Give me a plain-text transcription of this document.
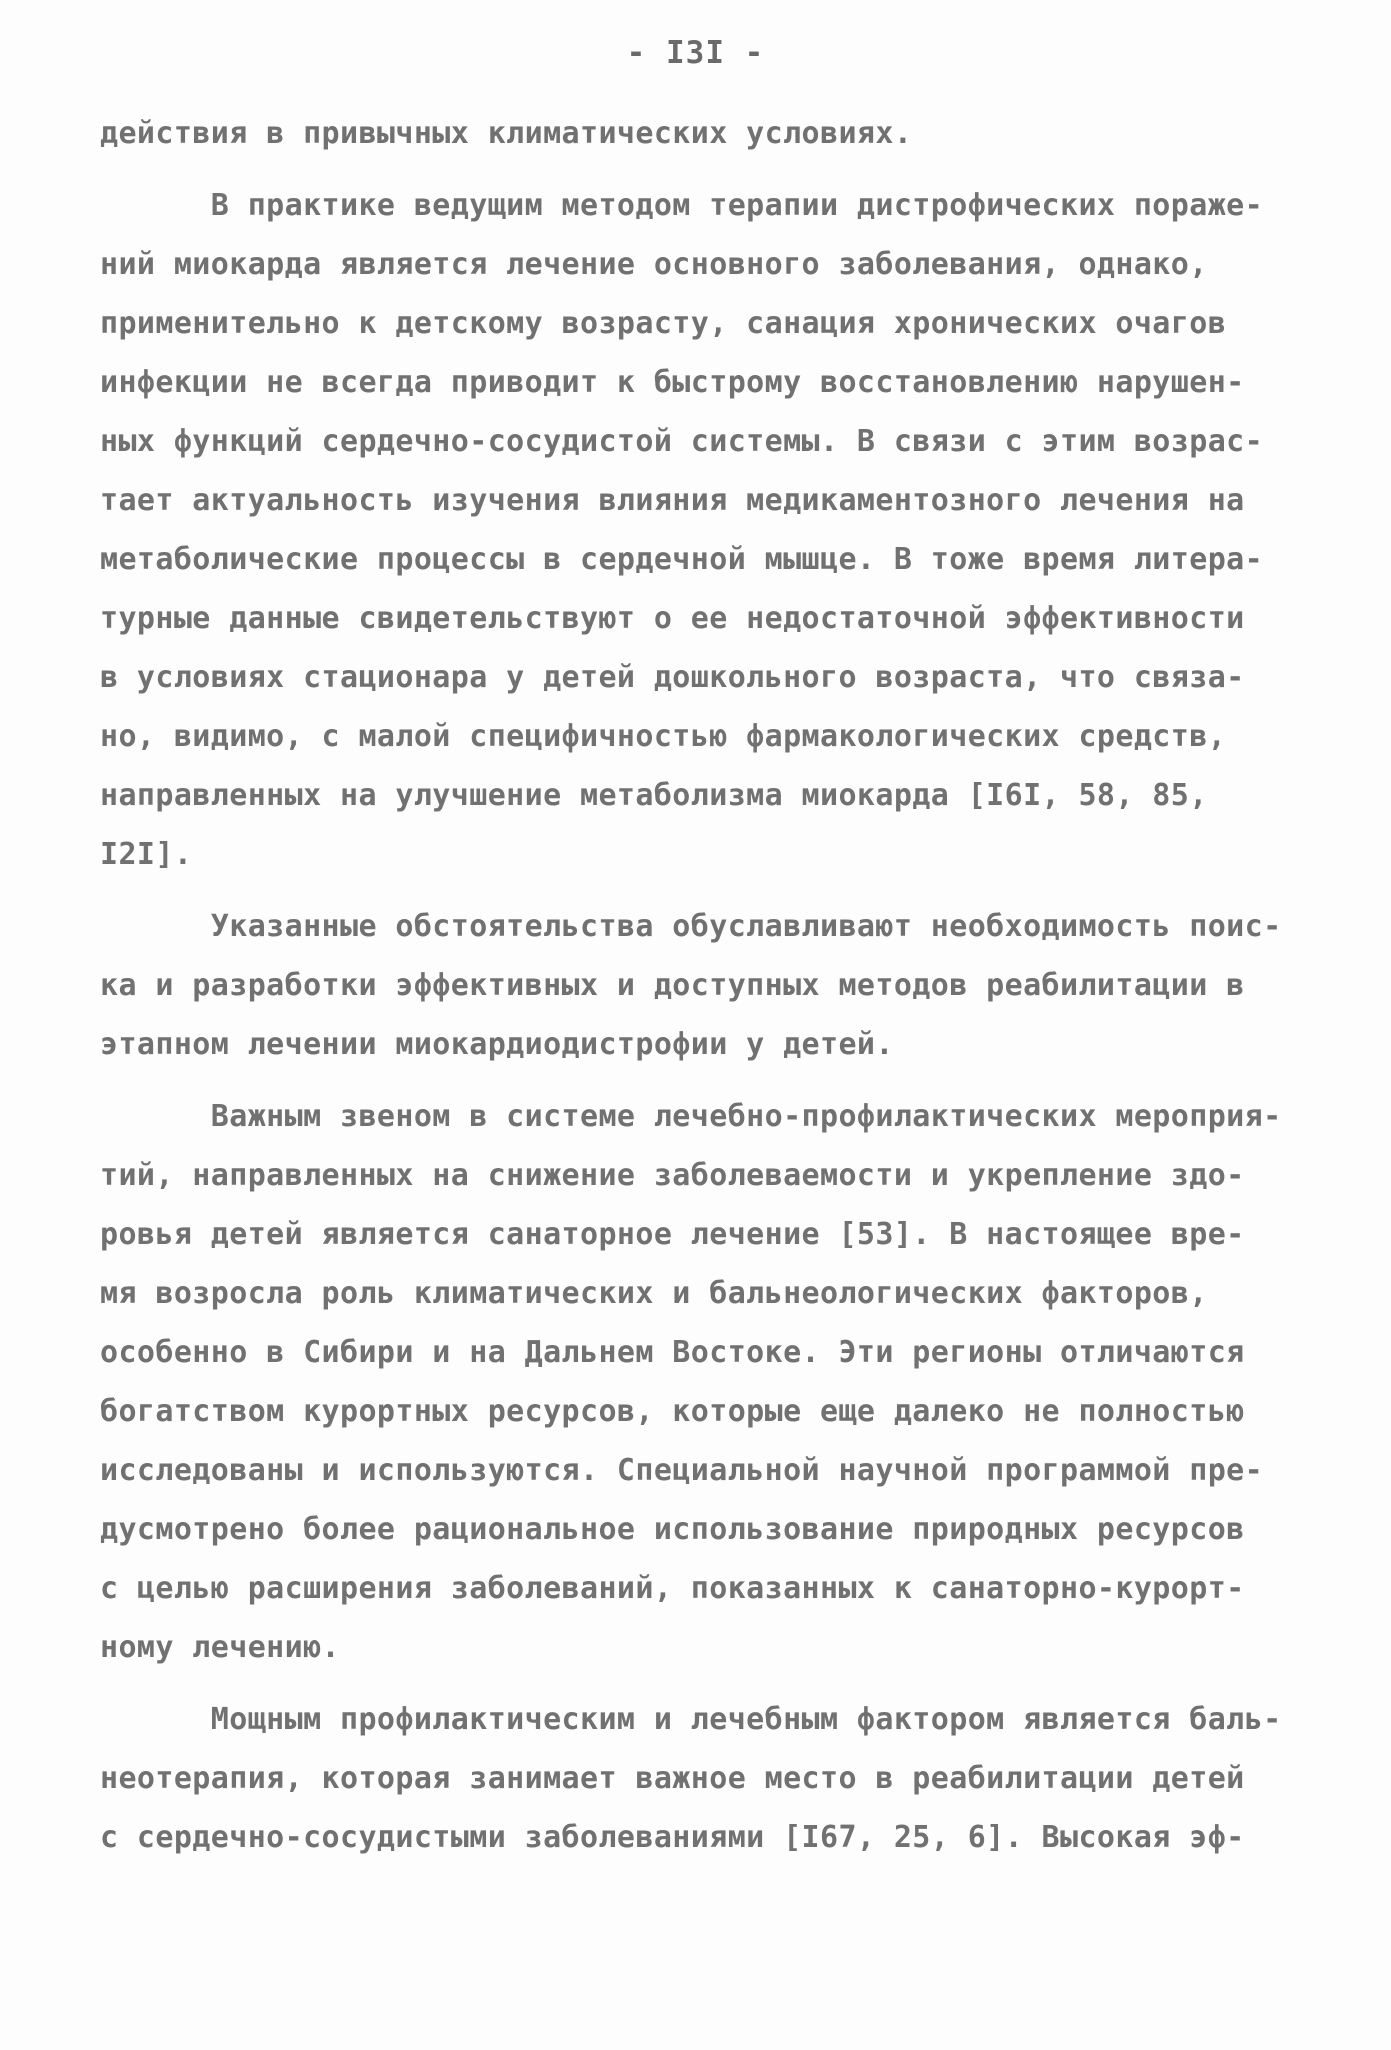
- I3I -
действия в привычных климатических условиях.
В практике ведущим методом терапии дистрофических пораже-
ний миокарда является лечение основного заболевания, однако,
применительно к детскому возрасту, санация хронических очагов
инфекции не всегда приводит к быстрому восстановлению нарушен-
ных функций сердечно-сосудистой системы. В связи с этим возрас-
тает актуальность изучения влияния медикаментозного лечения на
метаболические процессы в сердечной мышце. В тоже время литера-
турные данные свидетельствуют о ее недостаточной эффективности
в условиях стационара у детей дошкольного возраста, что связа-
но, видимо, с малой специфичностью фармакологических средств,
направленных на улучшение метаболизма миокарда [I6I, 58, 85,
I2I].
Указанные обстоятельства обуславливают необходимость поис-
ка и разработки эффективных и доступных методов реабилитации в
этапном лечении миокардиодистрофии у детей.
Важным звеном в системе лечебно-профилактических мероприя-
тий, направленных на снижение заболеваемости и укрепление здо-
ровья детей является санаторное лечение [53]. В настоящее вре-
мя возросла роль климатических и бальнеологических факторов,
особенно в Сибири и на Дальнем Востоке. Эти регионы отличаются
богатством курортных ресурсов, которые еще далеко не полностью
исследованы и используются. Специальной научной программой пре-
дусмотрено более рациональное использование природных ресурсов
с целью расширения заболеваний, показанных к санаторно-курорт-
ному лечению.
Мощным профилактическим и лечебным фактором является баль-
неотерапия, которая занимает важное место в реабилитации детей
с сердечно-сосудистыми заболеваниями [I67, 25, 6]. Высокая эф-
